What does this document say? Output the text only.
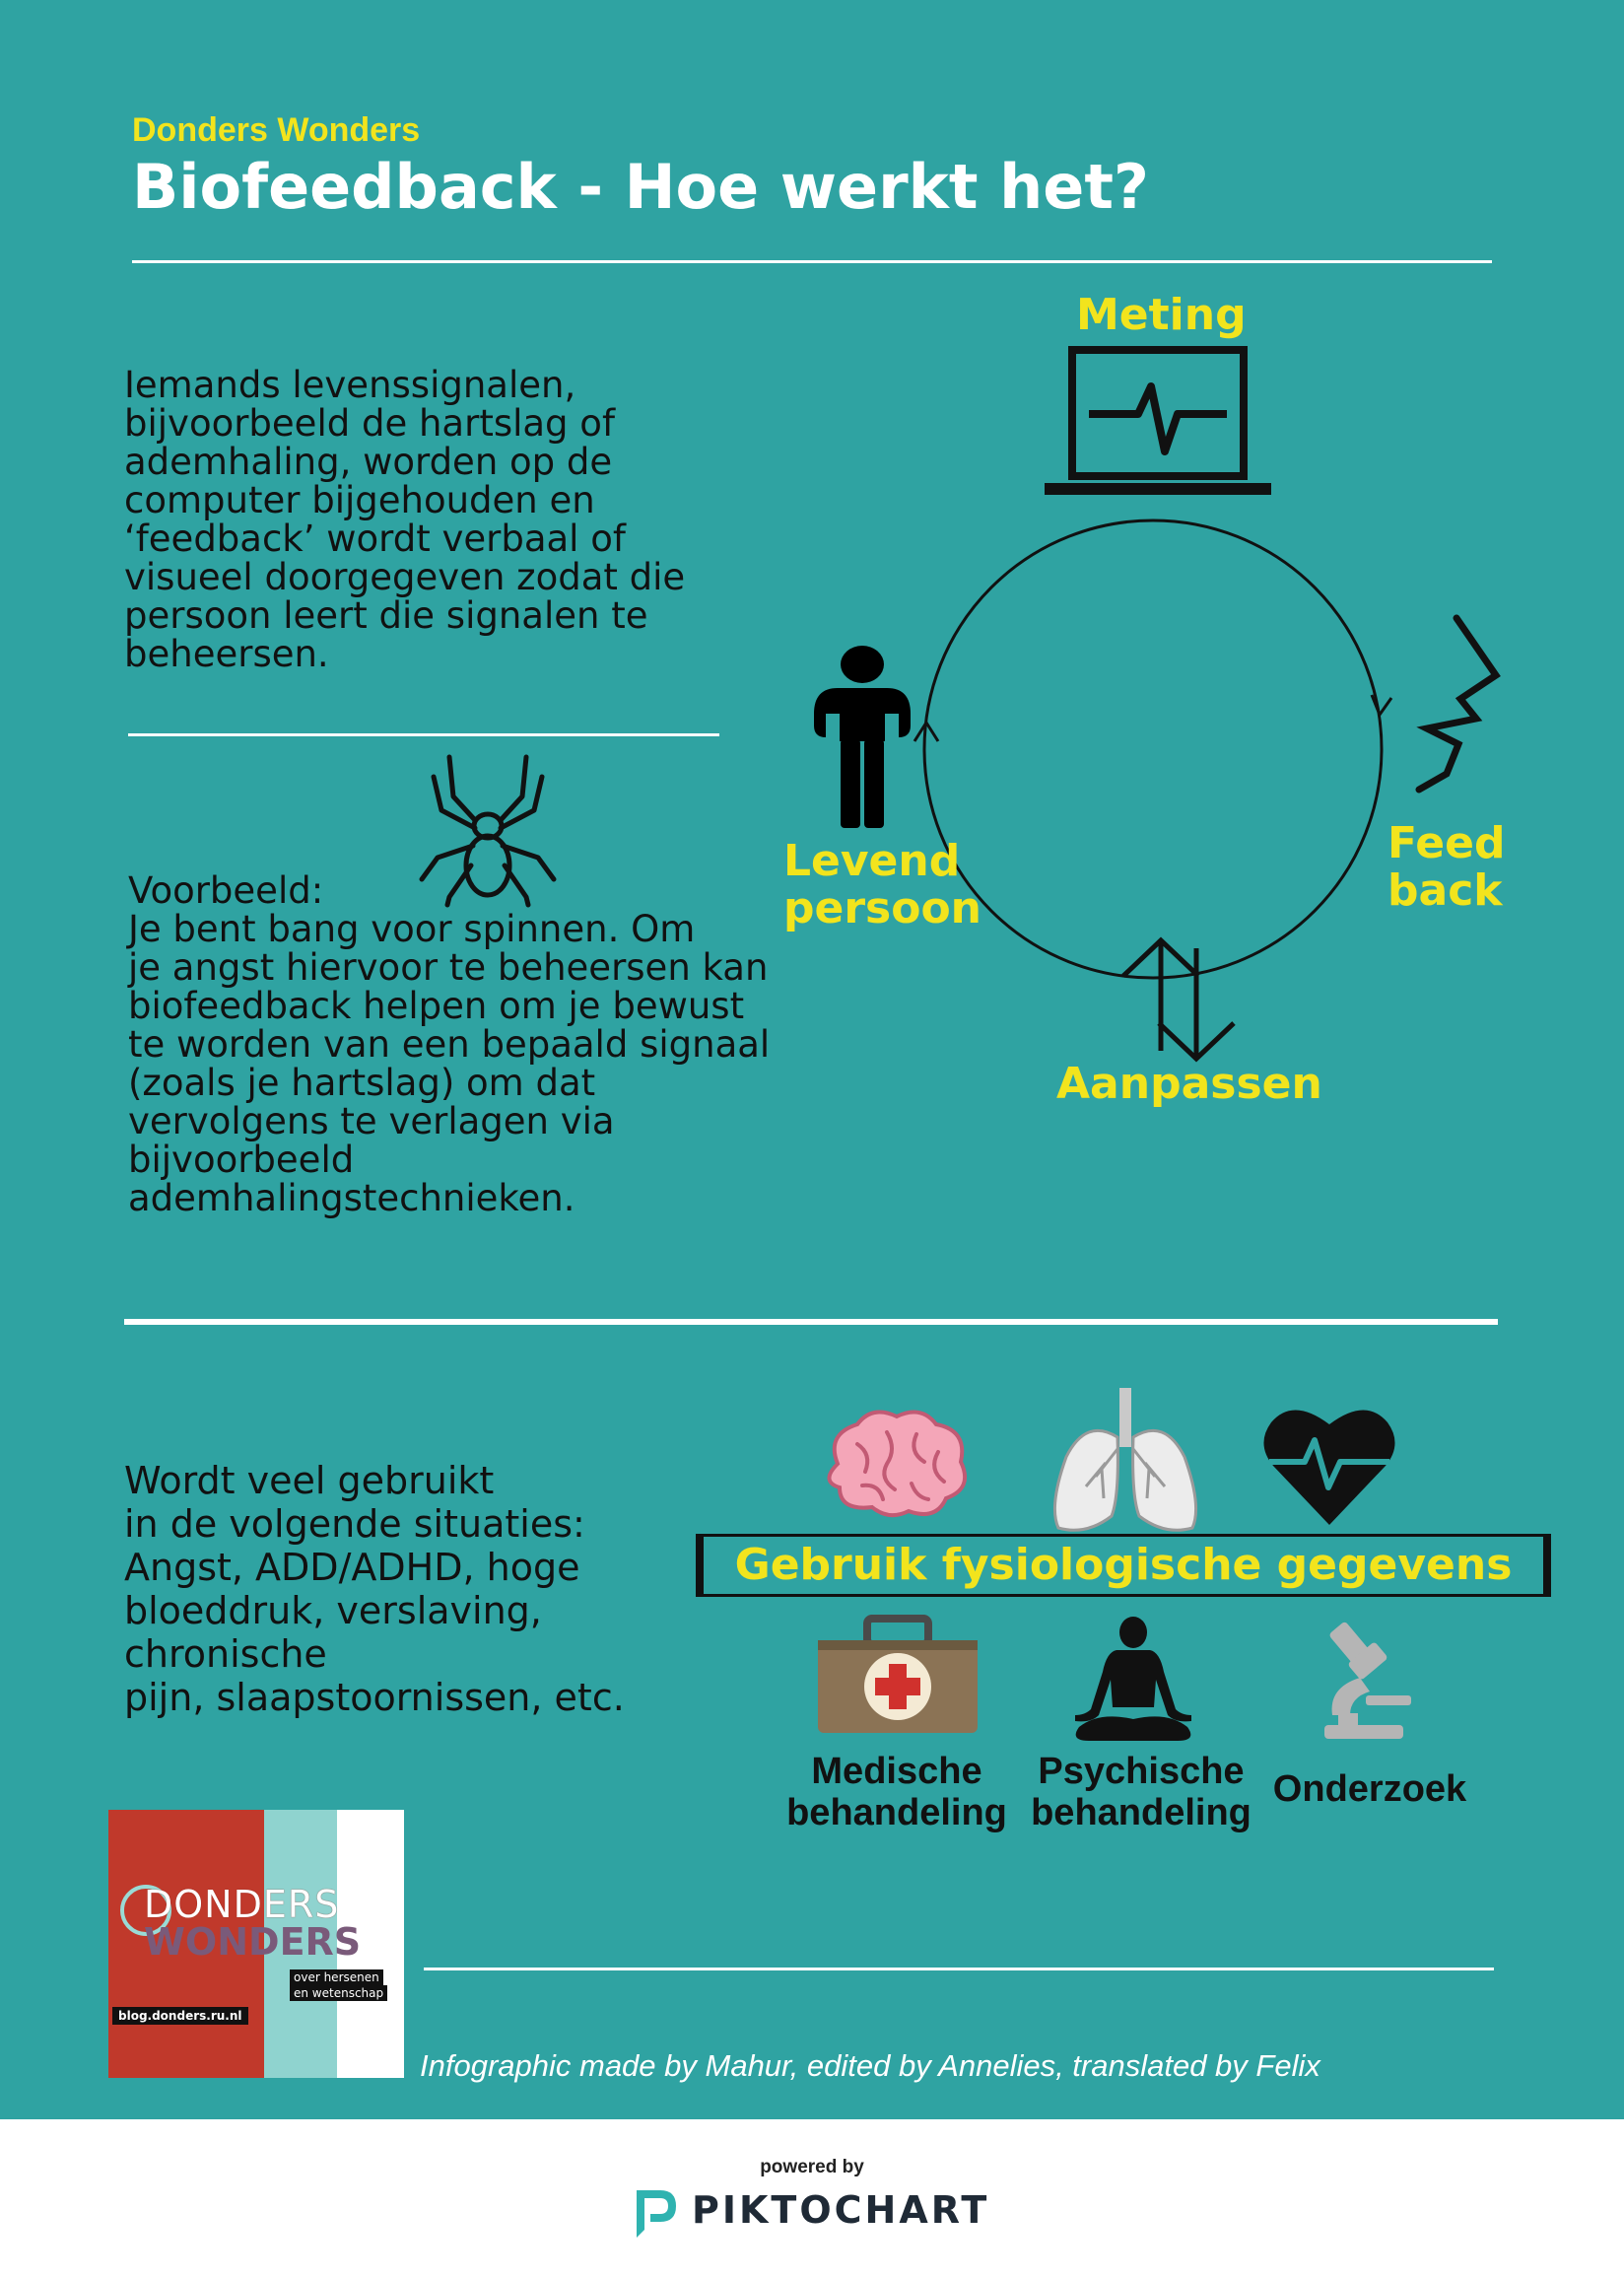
Donders Wonders
Biofeedback - Hoe werkt het?
Iemands levenssignalen,
bijvoorbeeld de hartslag of
ademhaling, worden op de
computer bijgehouden en
‘feedback’ wordt verbaal of
visueel doorgegeven zodat die
persoon leert die signalen te
beheersen.
Voorbeeld:
Je bent bang voor spinnen. Om
je angst hiervoor te beheersen kan
biofeedback helpen om je bewust
te worden van een bepaald signaal
(zoals je hartslag) om dat
vervolgens te verlagen via
bijvoorbeeld
ademhalingstechnieken.
Meting
Levend
persoon
Feed
back
Aanpassen
Wordt veel gebruikt
in de volgende situaties:
Angst, ADD/ADHD, hoge
bloeddruk, verslaving,
chronische
pijn, slaapstoornissen, etc.
Gebruik fysiologische gegevens
Medische
behandeling
Psychische
behandeling
Onderzoek
DONDERS
WONDERS
over hersenen
en wetenschap
blog.donders.ru.nl
Infographic made by Mahur, edited by Annelies, translated by Felix
powered by
PIKTOCHART
